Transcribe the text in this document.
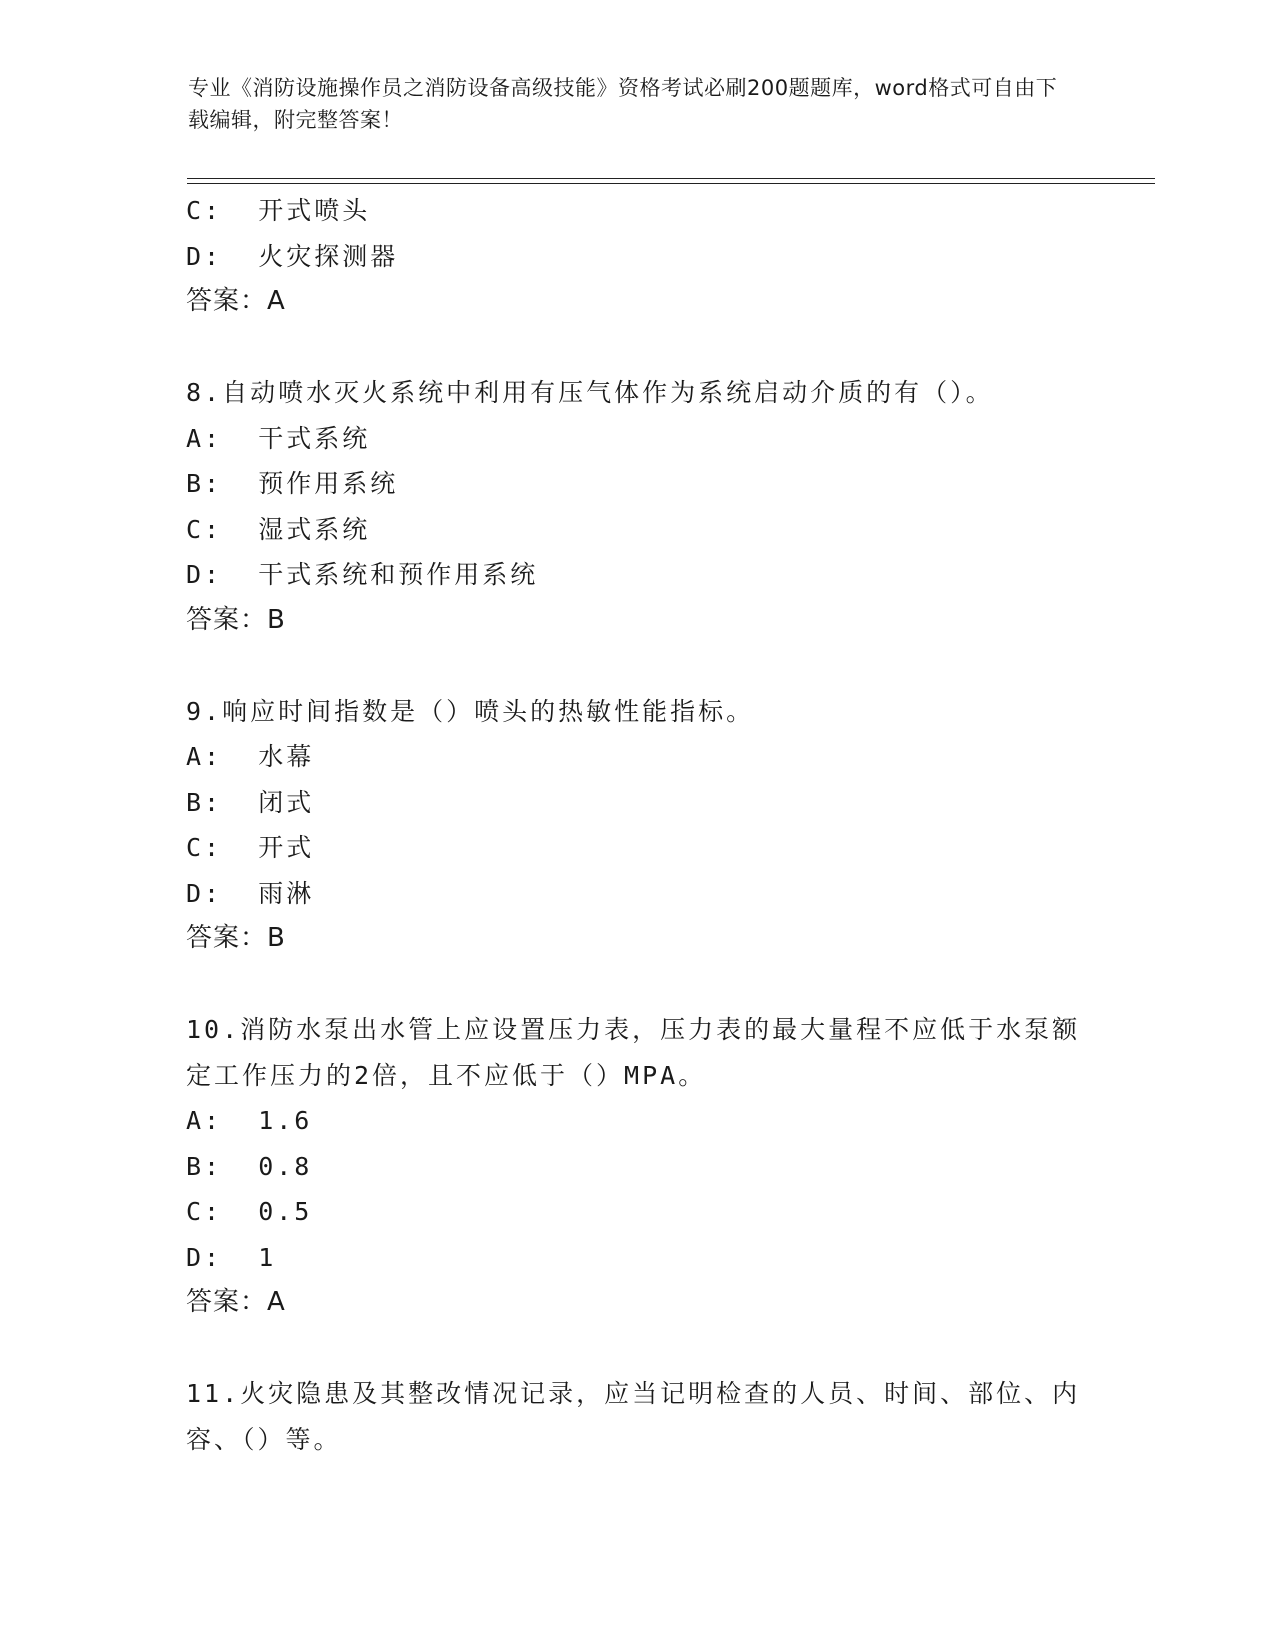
专业《消防设施操作员之消防设备高级技能》资格考试必刷200题题库，word格式可自由下载编辑，附完整答案！
C:  开式喷头
D:  火灾探测器
答案：A
8.自动喷水灭火系统中利用有压气体作为系统启动介质的有（）。
A:  干式系统
B:  预作用系统
C:  湿式系统
D:  干式系统和预作用系统
答案：B
9.响应时间指数是（）喷头的热敏性能指标。
A:  水幕
B:  闭式
C:  开式
D:  雨淋
答案：B
10.消防水泵出水管上应设置压力表，压力表的最大量程不应低于水泵额定工作压力的2倍，且不应低于（）MPA。
A:  1.6
B:  0.8
C:  0.5
D:  1
答案：A
11.火灾隐患及其整改情况记录，应当记明检查的人员、时间、部位、内容、（）等。
